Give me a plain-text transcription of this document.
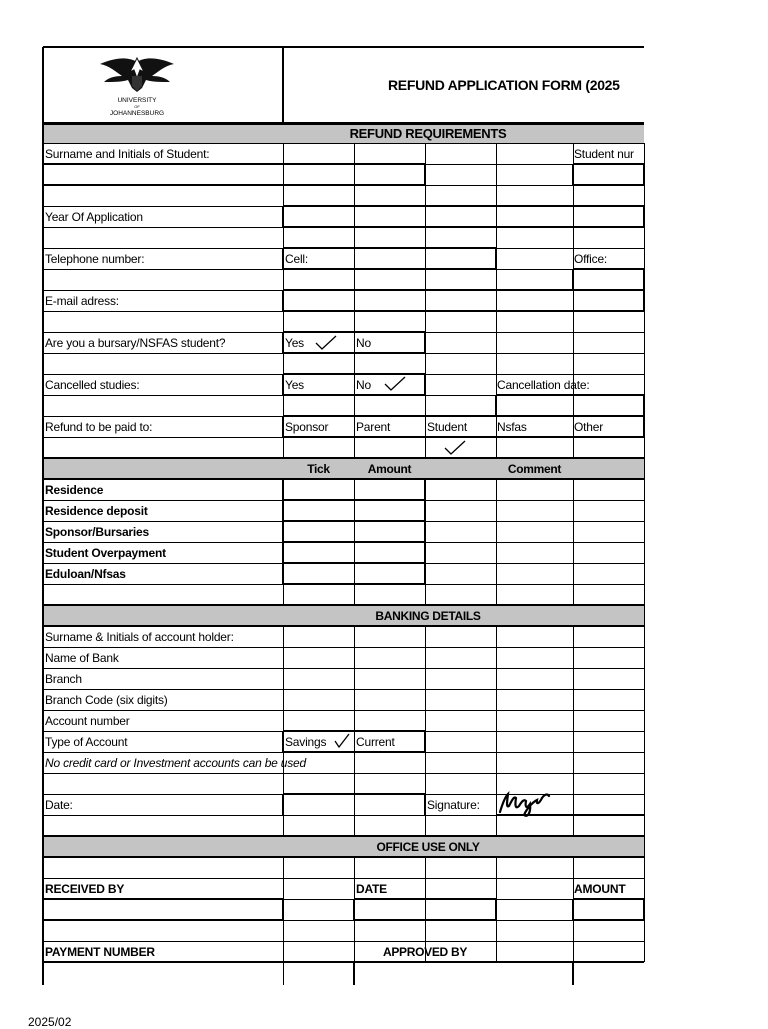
UNIVERSITY
OF
JOHANNESBURG
REFUND APPLICATION FORM (2025
REFUND REQUIREMENTS
Surname and Initials of Student:	Student nur
Year Of Application
Telephone number:	Cell:	Office:
E-mail adress:
Are you a bursary/NSFAS student?	Yes	No
Cancelled studies:	Yes	No	Cancellation date:
Refund to be paid to:	Sponsor Parent	Student	Nsfas	Other
Tick	Amount	Comment
Residence
Residence deposit
Sponsor/Bursaries
Student Overpayment
Eduloan/Nfsas
BANKING DETAILS
Surname & Initials of account holder:
Name of Bank
Branch
Branch Code (six digits)
Account number
Type of Account	Savings Current
No credit card or Investment accounts can be used
Date:	Signature:
OFFICE USE ONLY
RECEIVED BY	DATE	AMOUNT
PAYMENT NUMBER	APPROVED BY
2025/02
